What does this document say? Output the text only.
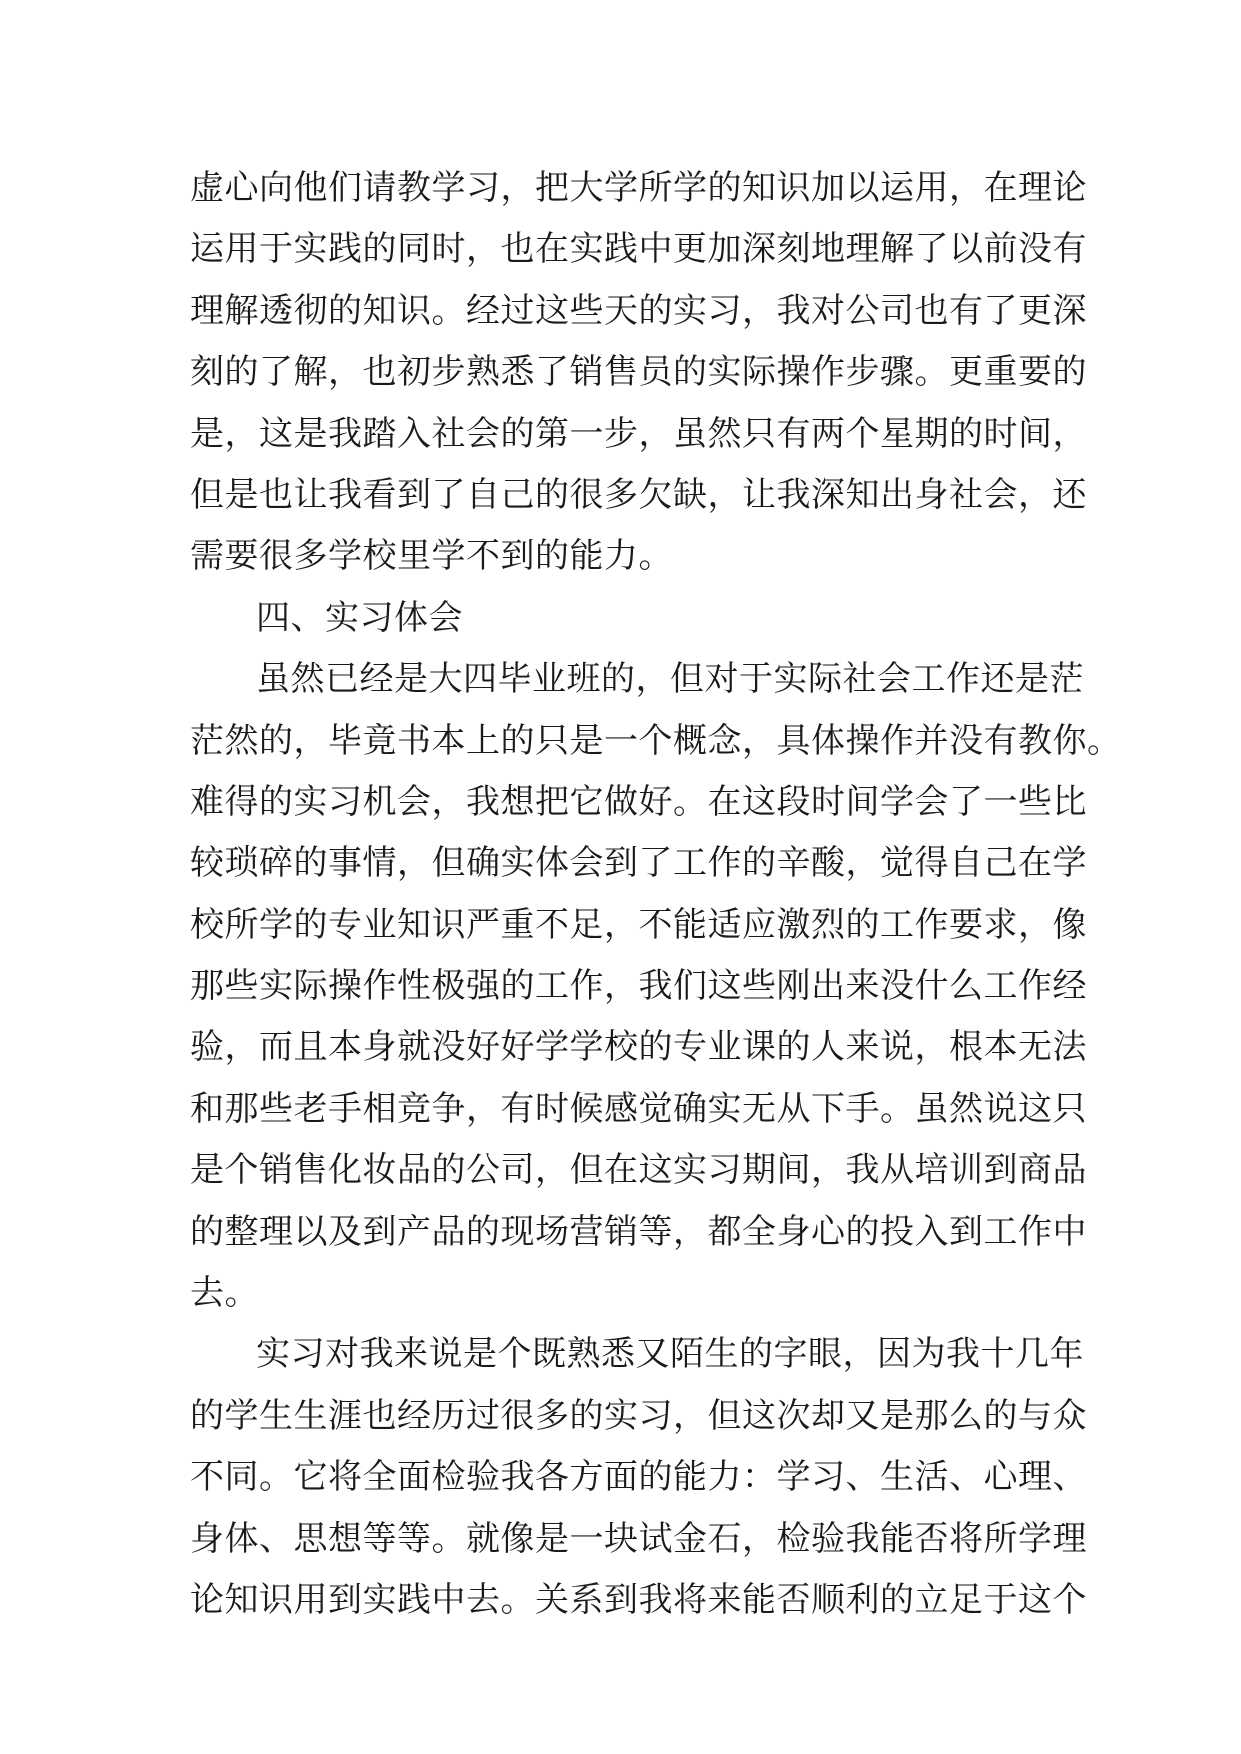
虚心向他们请教学习，把大学所学的知识加以运用，在理论
运用于实践的同时，也在实践中更加深刻地理解了以前没有
理解透彻的知识。经过这些天的实习，我对公司也有了更深
刻的了解，也初步熟悉了销售员的实际操作步骤。更重要的
是，这是我踏入社会的第一步，虽然只有两个星期的时间，
但是也让我看到了自己的很多欠缺，让我深知出身社会，还
需要很多学校里学不到的能力。
四、实习体会
虽然已经是大四毕业班的，但对于实际社会工作还是茫
茫然的，毕竟书本上的只是一个概念，具体操作并没有教你。
难得的实习机会，我想把它做好。在这段时间学会了一些比
较琐碎的事情，但确实体会到了工作的辛酸，觉得自己在学
校所学的专业知识严重不足，不能适应激烈的工作要求，像
那些实际操作性极强的工作，我们这些刚出来没什么工作经
验，而且本身就没好好学学校的专业课的人来说，根本无法
和那些老手相竞争，有时候感觉确实无从下手。虽然说这只
是个销售化妆品的公司，但在这实习期间，我从培训到商品
的整理以及到产品的现场营销等，都全身心的投入到工作中
去。
实习对我来说是个既熟悉又陌生的字眼，因为我十几年
的学生生涯也经历过很多的实习，但这次却又是那么的与众
不同。它将全面检验我各方面的能力：学习、生活、心理、
身体、思想等等。就像是一块试金石，检验我能否将所学理
论知识用到实践中去。关系到我将来能否顺利的立足于这个
